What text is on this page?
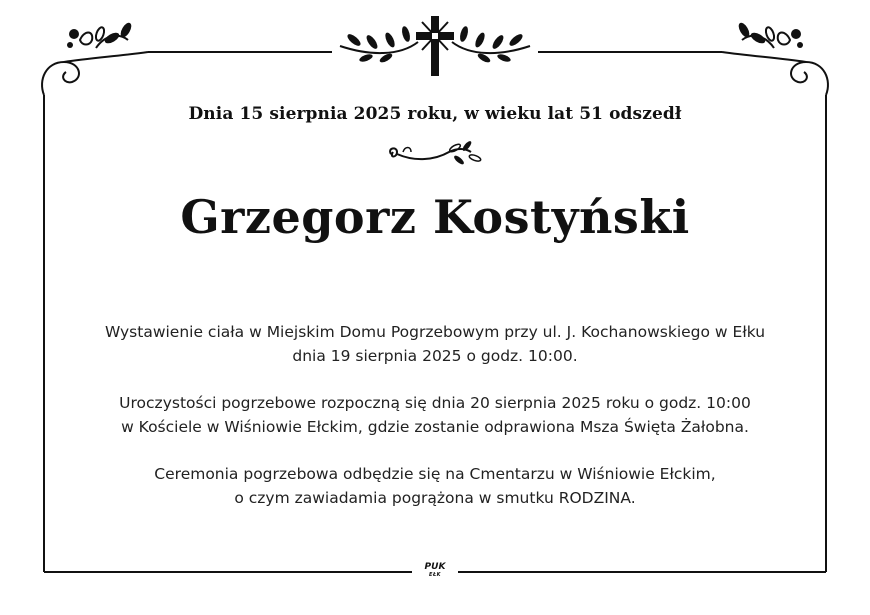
Dnia 15 sierpnia 2025 roku, w wieku lat 51 odszedł
Grzegorz Kostyński
Wystawienie ciała w Miejskim Domu Pogrzebowym przy ul. J. Kochanowskiego w Ełku
dnia 19 sierpnia 2025 o godz. 10:00.
Uroczystości pogrzebowe rozpoczną się dnia 20 sierpnia 2025 roku o godz. 10:00
w Kościele w Wiśniowie Ełckim, gdzie zostanie odprawiona Msza Święta Żałobna.
Ceremonia pogrzebowa odbędzie się na Cmentarzu w Wiśniowie Ełckim,
o czym zawiadamia pogrążona w smutku RODZINA.
PUK
EŁK
